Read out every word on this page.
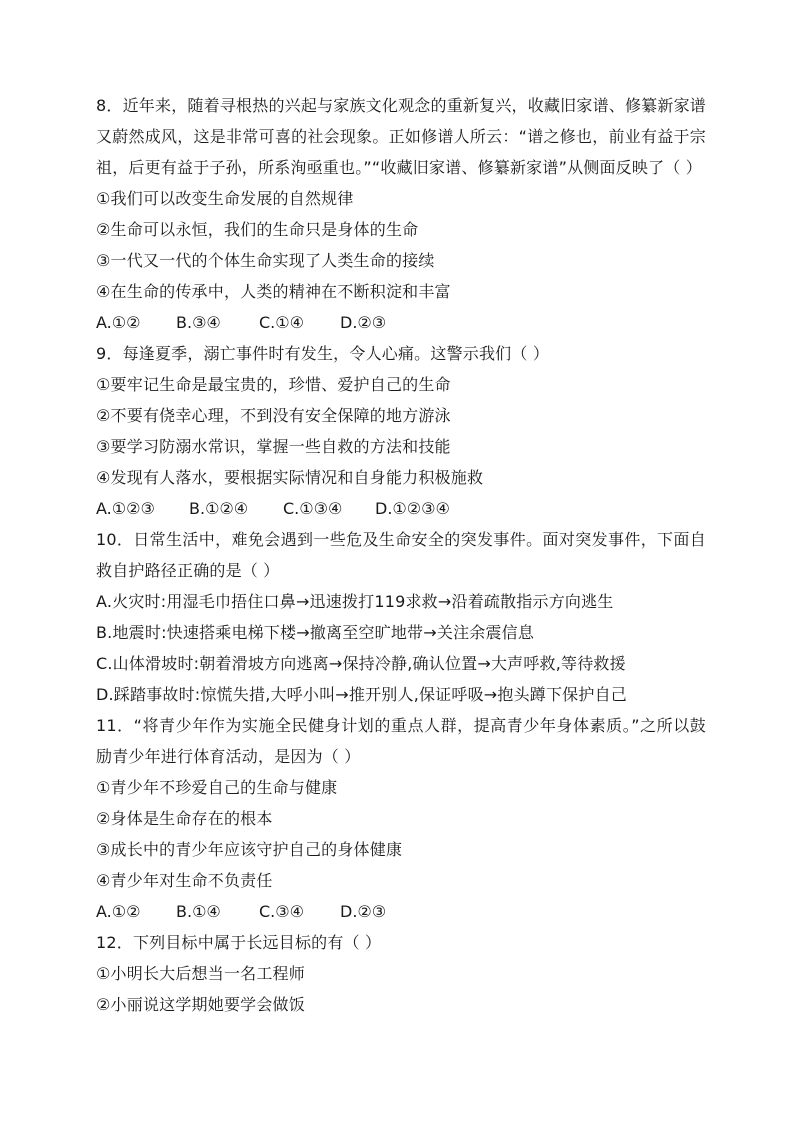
8．近年来，随着寻根热的兴起与家族文化观念的重新复兴，收藏旧家谱、修纂新家谱
又蔚然成风，这是非常可喜的社会现象。正如修谱人所云：“谱之修也，前业有益于宗
祖，后更有益于子孙，所系洵亟重也。”“收藏旧家谱、修纂新家谱”从侧面反映了（ ）
①我们可以改变生命发展的自然规律
②生命可以永恒，我们的生命只是身体的生命
③一代又一代的个体生命实现了人类生命的接续
④在生命的传承中，人类的精神在不断积淀和丰富
A.①② B.③④ C.①④ D.②③
9．每逢夏季，溺亡事件时有发生，令人心痛。这警示我们（ ）
①要牢记生命是最宝贵的，珍惜、爱护自己的生命
②不要有侥幸心理，不到没有安全保障的地方游泳
③要学习防溺水常识，掌握一些自救的方法和技能
④发现有人落水，要根据实际情况和自身能力积极施救
A.①②③ B.①②④ C.①③④ D.①②③④
10．日常生活中，难免会遇到一些危及生命安全的突发事件。面对突发事件，下面自
救自护路径正确的是（ ）
A.火灾时:用湿毛巾捂住口鼻→迅速拨打119求救→沿着疏散指示方向逃生
B.地震时:快速搭乘电梯下楼→撤离至空旷地带→关注余震信息
C.山体滑坡时:朝着滑坡方向逃离→保持冷静,确认位置→大声呼救,等待救援
D.踩踏事故时:惊慌失措,大呼小叫→推开别人,保证呼吸→抱头蹲下保护自己
11．“将青少年作为实施全民健身计划的重点人群，提高青少年身体素质。”之所以鼓
励青少年进行体育活动，是因为（ ）
①青少年不珍爱自己的生命与健康
②身体是生命存在的根本
③成长中的青少年应该守护自己的身体健康
④青少年对生命不负责任
A.①② B.①④ C.③④ D.②③
12．下列目标中属于长远目标的有（ ）
①小明长大后想当一名工程师
②小丽说这学期她要学会做饭
